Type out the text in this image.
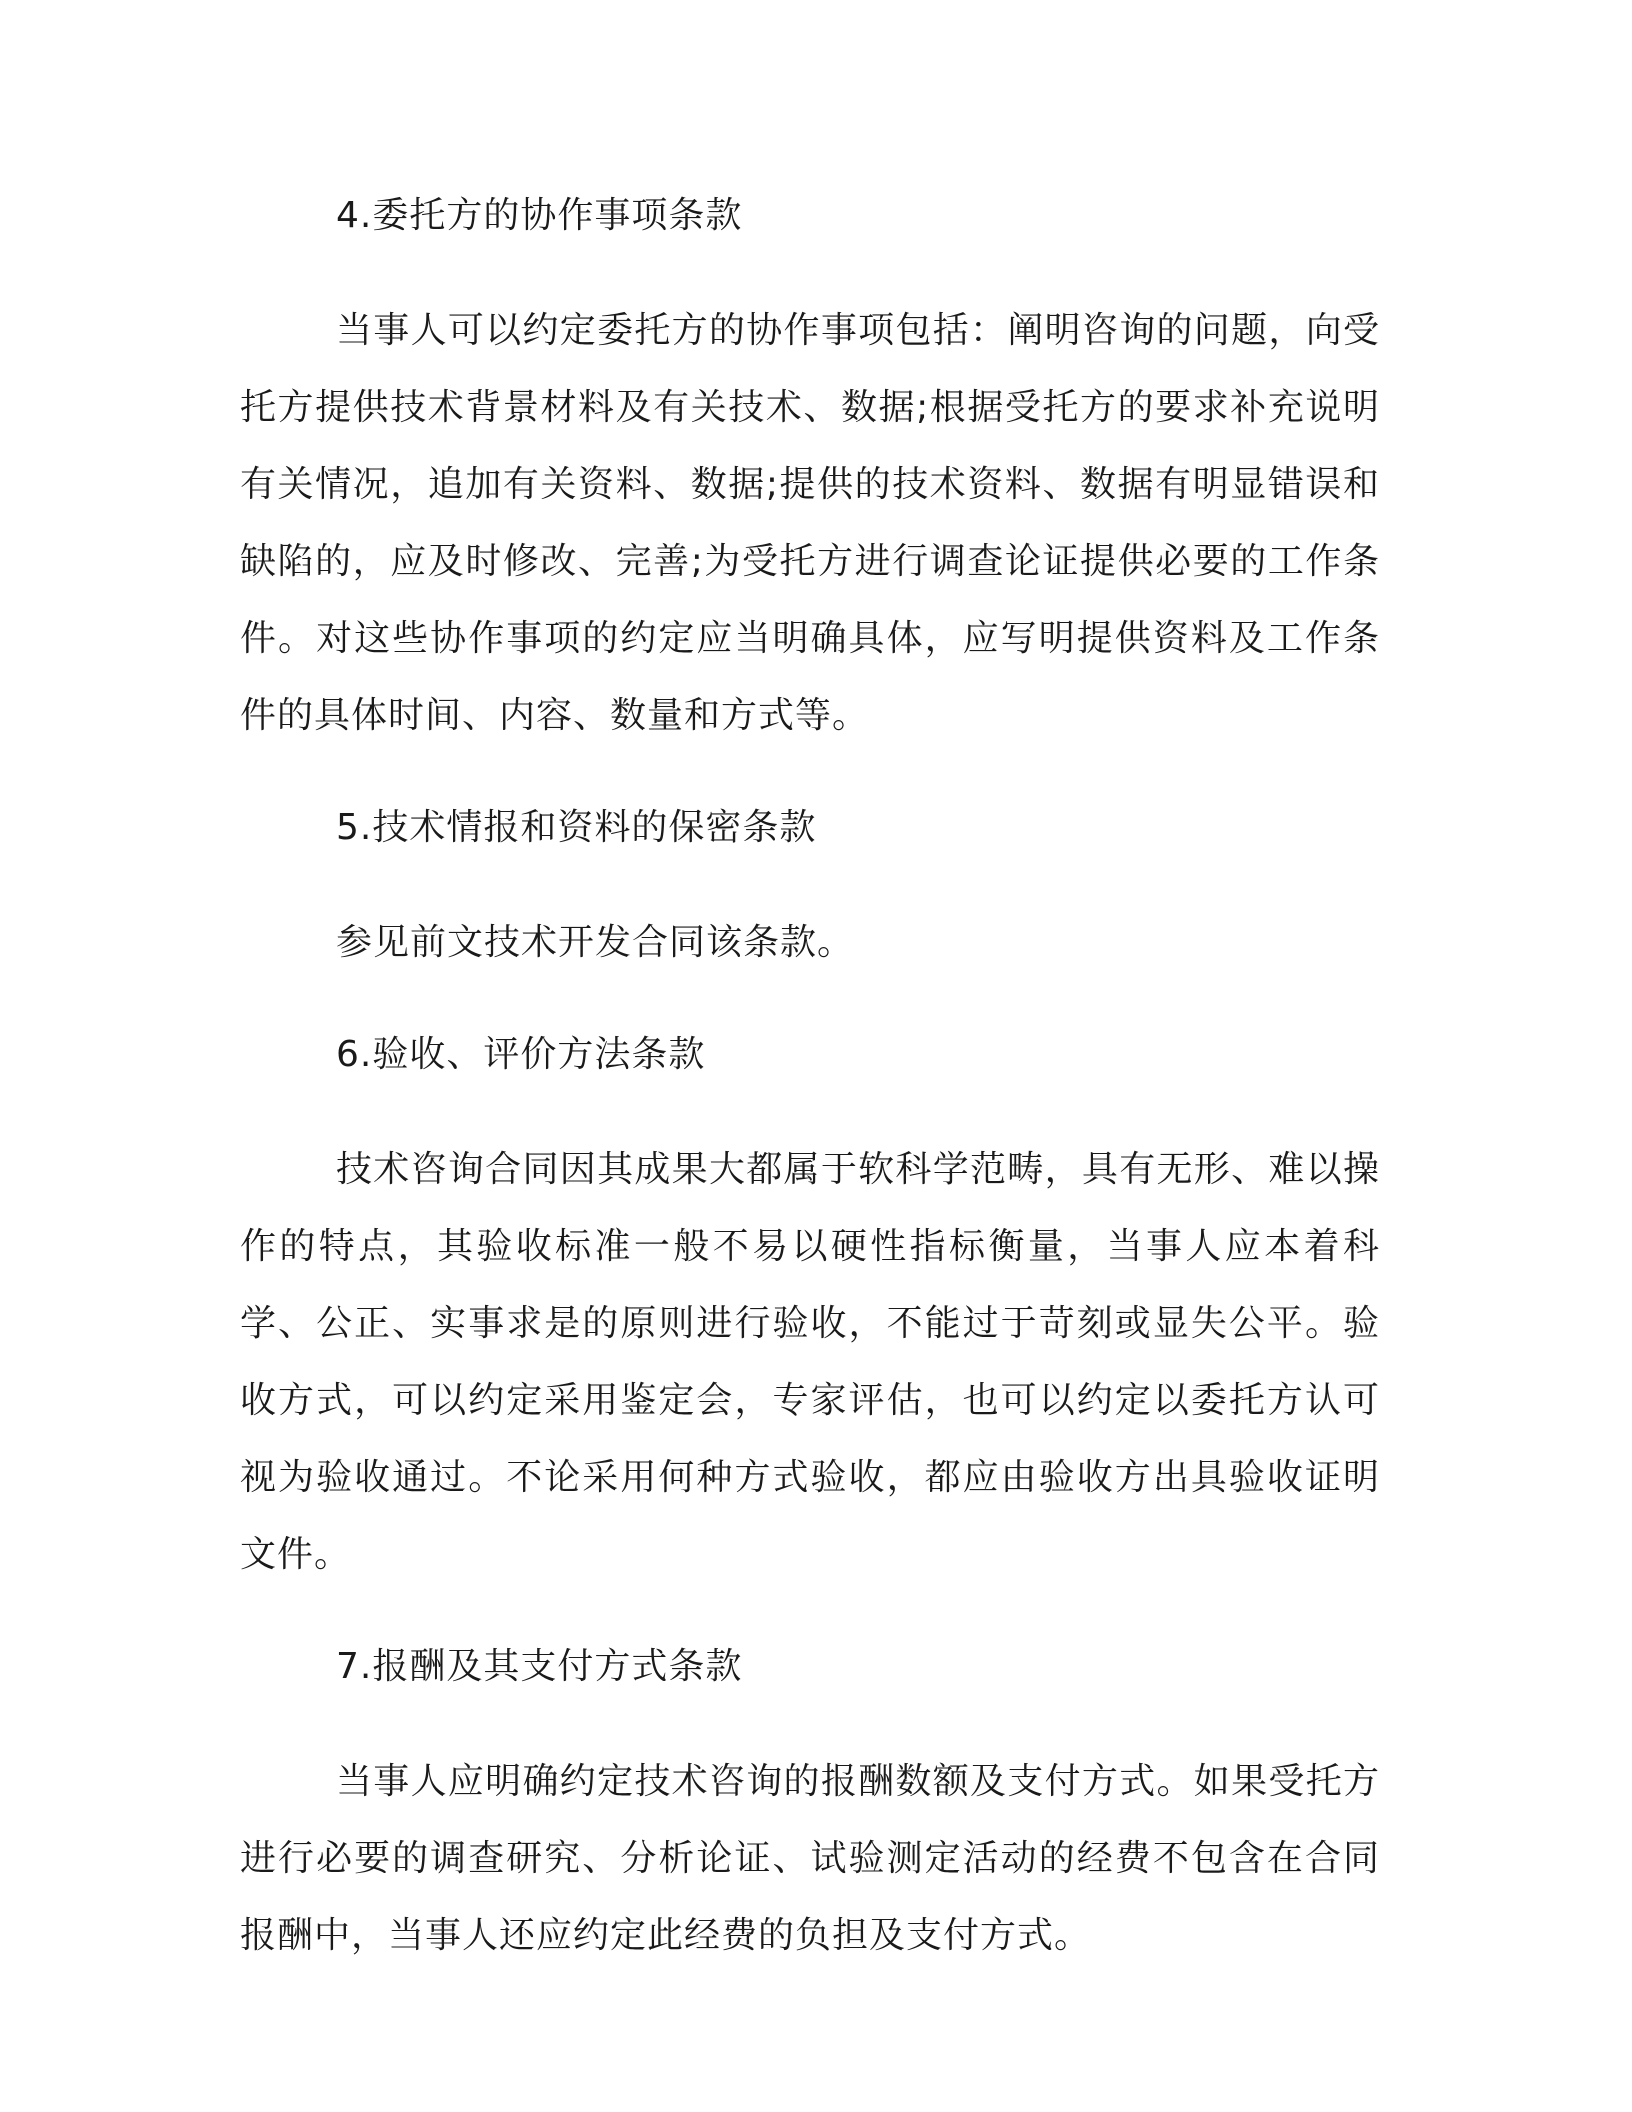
4.委托方的协作事项条款

当事人可以约定委托方的协作事项包括：阐明咨询的问题，向受托方提供技术背景材料及有关技术、数据;根据受托方的要求补充说明有关情况，追加有关资料、数据;提供的技术资料、数据有明显错误和缺陷的，应及时修改、完善;为受托方进行调查论证提供必要的工作条件。对这些协作事项的约定应当明确具体，应写明提供资料及工作条件的具体时间、内容、数量和方式等。

5.技术情报和资料的保密条款

参见前文技术开发合同该条款。

6.验收、评价方法条款

技术咨询合同因其成果大都属于软科学范畴，具有无形、难以操作的特点，其验收标准一般不易以硬性指标衡量，当事人应本着科学、公正、实事求是的原则进行验收，不能过于苛刻或显失公平。验收方式，可以约定采用鉴定会，专家评估，也可以约定以委托方认可视为验收通过。不论采用何种方式验收，都应由验收方出具验收证明文件。

7.报酬及其支付方式条款

当事人应明确约定技术咨询的报酬数额及支付方式。如果受托方进行必要的调查研究、分析论证、试验测定活动的经费不包含在合同报酬中，当事人还应约定此经费的负担及支付方式。
